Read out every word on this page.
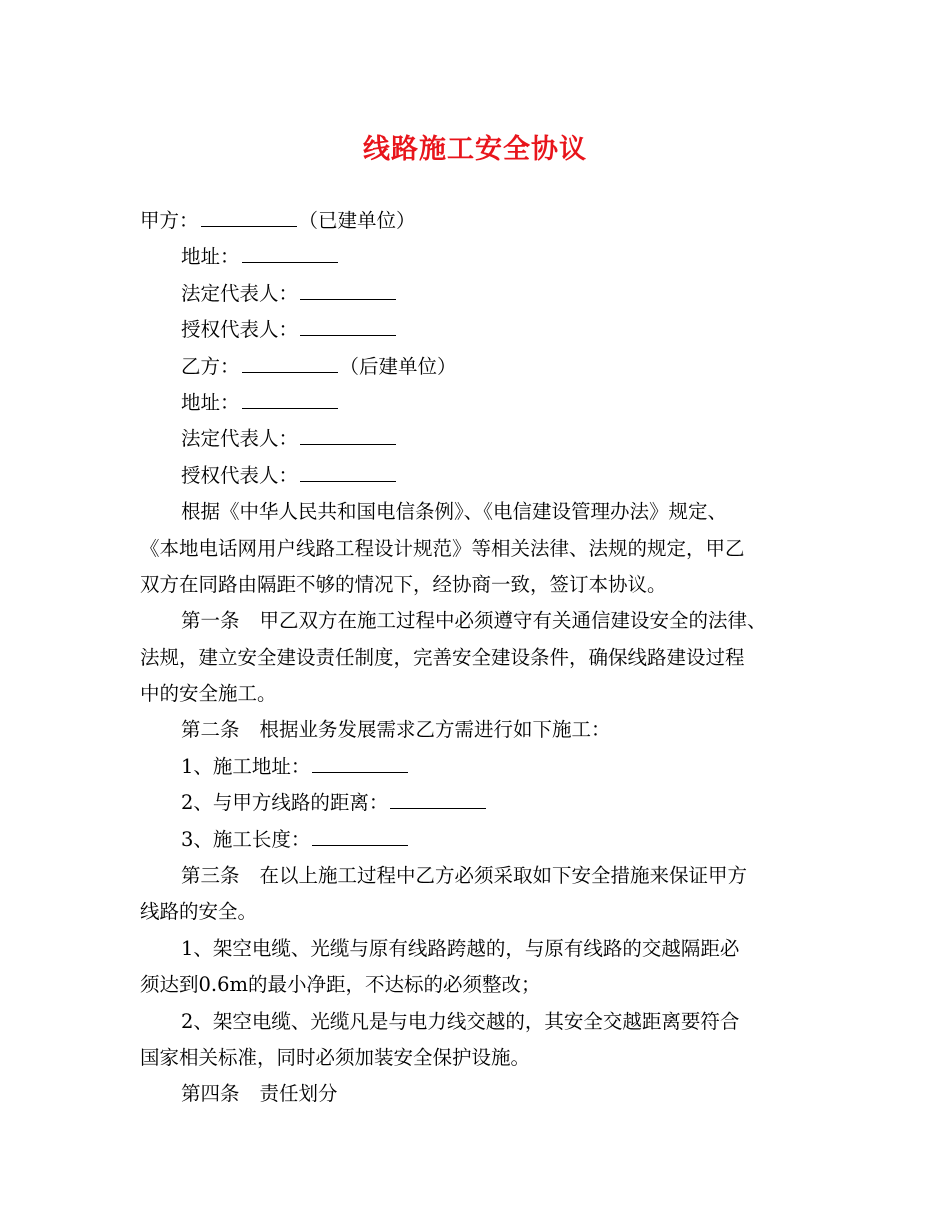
线路施工安全协议
甲方：	（已建单位）
地址：
法定代表人：
授权代表人：
乙方：	（后建单位）
地址：
法定代表人：
授权代表人：
根据《中华人民共和国电信条例》、《电信建设管理办法》规定、
《本地电话网用户线路工程设计规范》等相关法律、法规的规定，甲乙
双方在同路由隔距不够的情况下，经协商一致，签订本协议。
第一条 甲乙双方在施工过程中必须遵守有关通信建设安全的法律、
法规，建立安全建设责任制度，完善安全建设条件，确保线路建设过程
中的安全施工。
第二条 根据业务发展需求乙方需进行如下施工：
1、施工地址：
2、与甲方线路的距离：
3、施工长度：
第三条 在以上施工过程中乙方必须采取如下安全措施来保证甲方
线路的安全。
1、架空电缆、光缆与原有线路跨越的，与原有线路的交越隔距必
须达到0.6m的最小净距，不达标的必须整改；
2、架空电缆、光缆凡是与电力线交越的，其安全交越距离要符合
国家相关标准，同时必须加装安全保护设施。
第四条 责任划分
